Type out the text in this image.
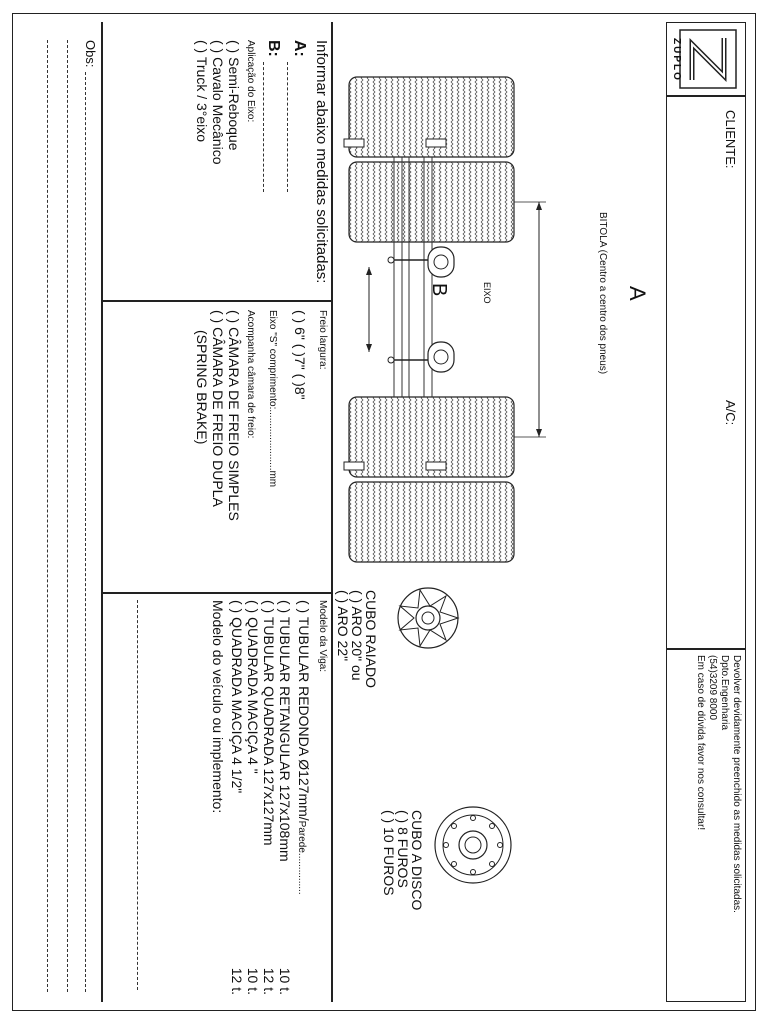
ZUPLO
CLIENTE:
A/C:
Devolver devidamente preenchido as medidas solicitadas.
Dpto.Engenharia
(54)3209 8000
Em caso de dúvida favor nos consultar!
A
BITOLA (Centro a centro dos pneus)
B	EIXO
CUBO RAIADO
( ) ARO 20" ou
( ) ARO 22"
CUBO A DISCO
( ) 8 FUROS
( ) 10 FUROS
Informar abaixo medidas solicitadas:
A:
B:
Aplicação do Eixo:
( ) Semi-Reboque
( ) Cavalo Mecânico
( ) Truck / 3°eixo
Freio largura:
( ) 6" ( )7" ( )8"
Eixo "S" comprimento:......................mm
Acompanha câmara de freio:
( ) CÂMARA DE FREIO SIMPLES
( ) CÂMARA DE FREIO DUPLA
(SPRING BRAKE)
Modelo da Viga:
( ) TUBULAR REDONDA Ø127mm/Parede...............
( ) TUBULAR RETANGULAR 127x108mm
10 t.
( ) TUBULAR QUADRADA 127x127mm
12 t.
( ) QUADRADA MACIÇA 4 "
10 t.
( ) QUADRADA MACIÇA 4 1/2"
12 t.
Modelo do veículo ou implemento:
Obs:
